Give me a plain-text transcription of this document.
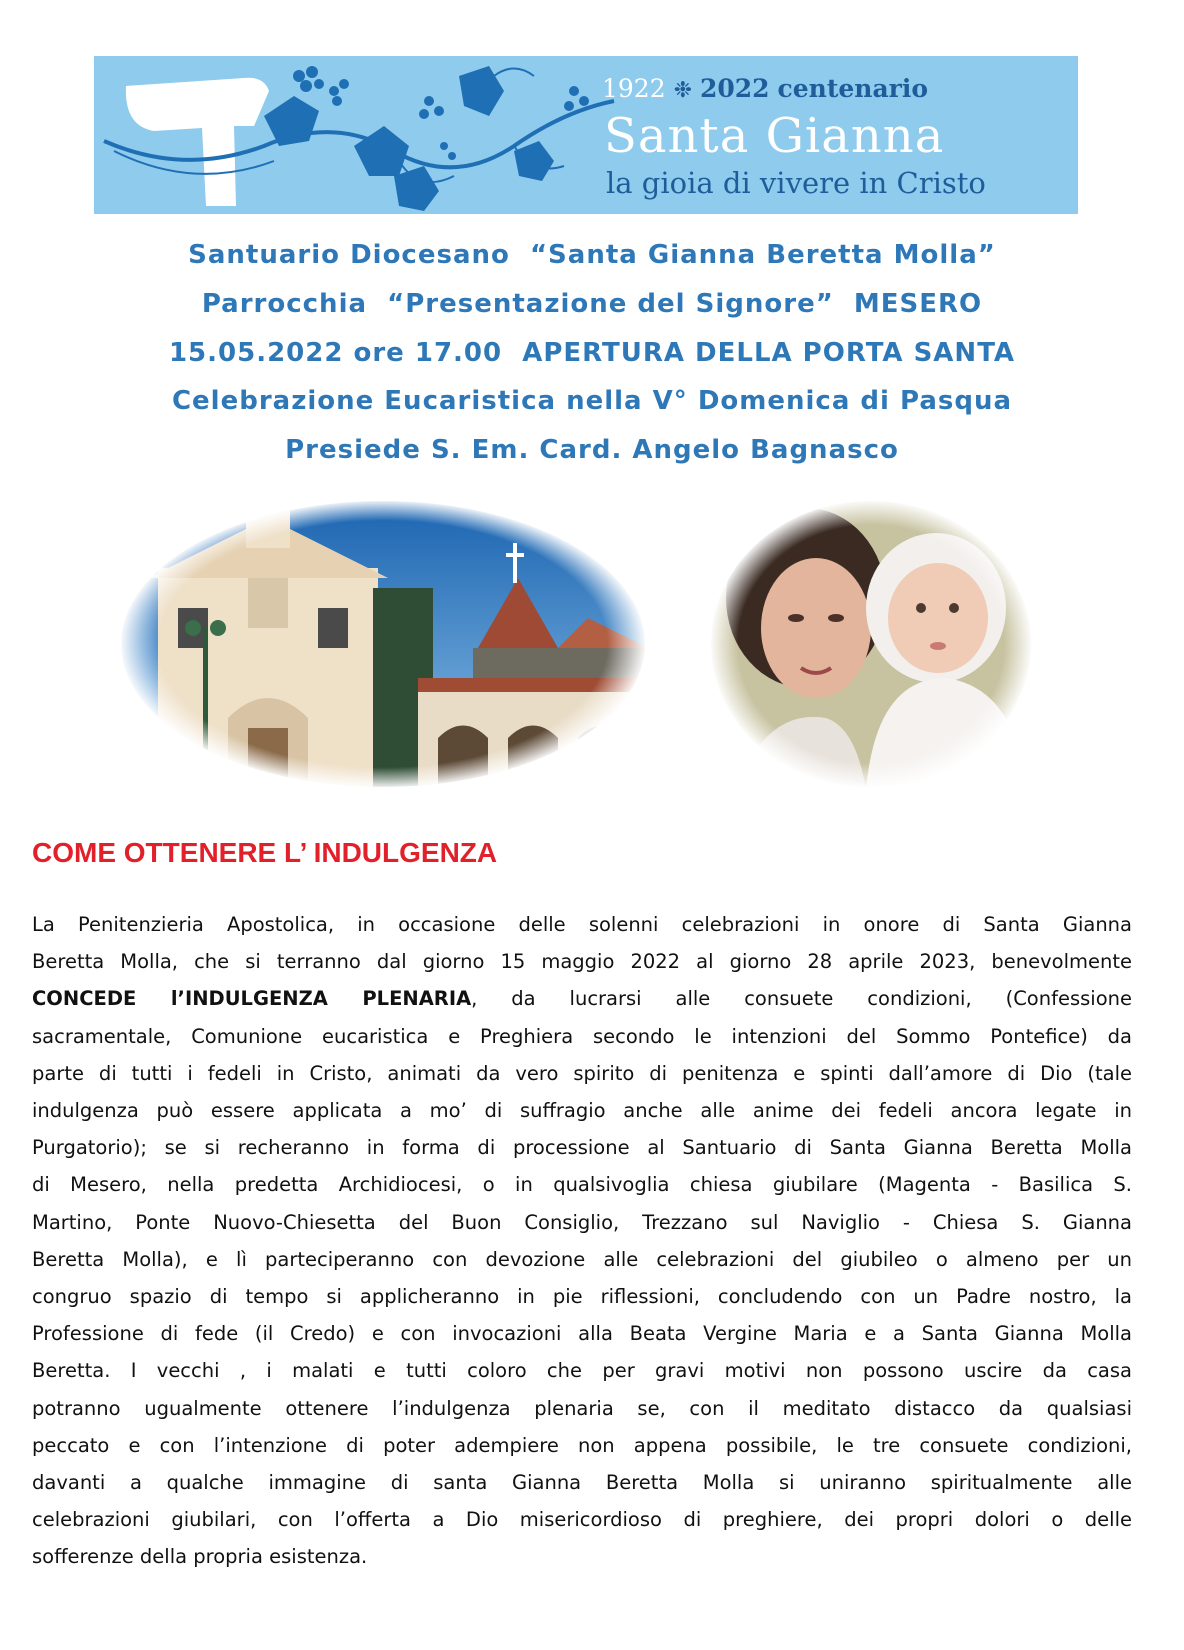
1922 ❉ 2022 centenario
Santa Gianna
la gioia di vivere in Cristo
Santuario Diocesano  “Santa Gianna Beretta Molla”
Parrocchia  “Presentazione del Signore”  MESERO
15.05.2022 ore 17.00  APERTURA DELLA PORTA SANTA
Celebrazione Eucaristica nella V° Domenica di Pasqua
Presiede S. Em. Card. Angelo Bagnasco
COME OTTENERE L’ INDULGENZA
La Penitenzieria Apostolica, in occasione delle solenni celebrazioni in onore di Santa Gianna
Beretta Molla, che si terranno dal giorno 15 maggio 2022 al giorno 28 aprile 2023, benevolmente
CONCEDE l’INDULGENZA PLENARIA, da lucrarsi alle consuete condizioni, (Confessione
sacramentale, Comunione eucaristica e Preghiera secondo le intenzioni del Sommo Pontefice) da
parte di tutti i fedeli in Cristo, animati da vero spirito di penitenza e spinti dall’amore di Dio (tale
indulgenza può essere applicata a mo’ di suffragio anche alle anime dei fedeli ancora legate in
Purgatorio); se si recheranno in forma di processione al Santuario di Santa Gianna Beretta Molla
di Mesero, nella predetta Archidiocesi, o in qualsivoglia chiesa giubilare (Magenta - Basilica S.
Martino, Ponte Nuovo-Chiesetta del Buon Consiglio, Trezzano sul Naviglio - Chiesa S. Gianna
Beretta Molla), e lì parteciperanno con devozione alle celebrazioni del giubileo o almeno per un
congruo spazio di tempo si applicheranno in pie riflessioni, concludendo con un Padre nostro, la
Professione di fede (il Credo) e con invocazioni alla Beata Vergine Maria e a Santa Gianna Molla
Beretta. I vecchi , i malati e tutti coloro che per gravi motivi non possono uscire da casa
potranno ugualmente ottenere l’indulgenza plenaria se, con il meditato distacco da qualsiasi
peccato e con l’intenzione di poter adempiere non appena possibile, le tre consuete condizioni,
davanti a qualche immagine di santa Gianna Beretta Molla si uniranno spiritualmente alle
celebrazioni giubilari, con l’offerta a Dio misericordioso di preghiere, dei propri dolori o delle
sofferenze della propria esistenza.
